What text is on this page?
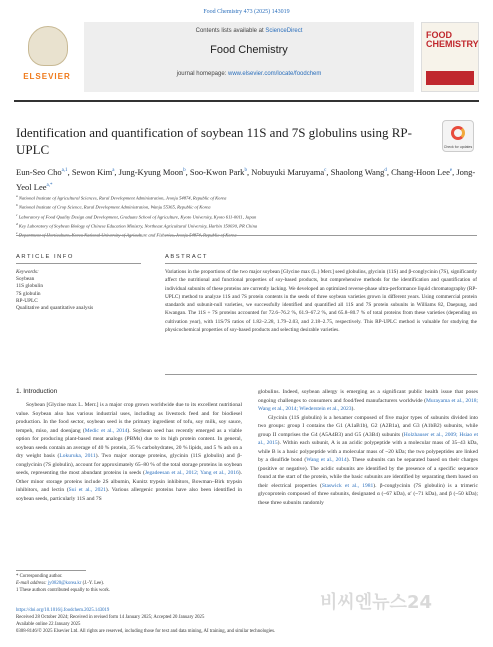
Food Chemistry 473 (2025) 143019
ELSEVIER
Contents lists available at ScienceDirect
Food Chemistry
journal homepage: www.elsevier.com/locate/foodchem
FOOD CHEMISTRY
Identification and quantification of soybean 11S and 7S globulins using RP-UPLC	Check for updates
Eun-Seo Cho$^{a,1}$, Sewon Kim$^a$, Jung-Kyung Moon$^b$, Soo-Kwon Park$^b$, Nobuyuki Maruyama$^c$, Shaolong Wang$^d$, Chang-Hoon Lee$^e$, Jong-Yeol Lee$^{a,*}$
$^a$ National Institute of Agricultural Sciences, Rural Development Administration, Jeonju 54874, Republic of Korea
$^b$ National Institute of Crop Science, Rural Development Administration, Wanju 55365, Republic of Korea
$^c$ Laboratory of Food Quality Design and Development, Graduate School of Agriculture, Kyoto University, Kyoto 611-0011, Japan
$^d$ Key Laboratory of Soybean Biology of Chinese Education Ministry, Northeast Agricultural University, Harbin 150030, PR China
$^e$	and
ARTICLE INFO	ABSTRACT
Keywords:
Soybean
11S globulin
7S globulin
RP-UPLC
Qualitative and quantitative analysis
Variations in the proportions of the two major soybean [Glycine max (L.) Merr.] seed globulins, glycinin (11S) and β-conglycinin (7S), significantly affect the nutritional and functional properties of soy-based products, but comprehensive methods for the identification and quantification of individual subunits of these proteins are currently lacking. We developed an optimized reverse-phase ultra-performance liquid chromatography (RP-UPLC) method to analyze 11S and 7S protein contents in the seeds of three soybean varieties grown in different years. Using commercial protein standards and subunit-null varieties, we successfully identified and quantified all 11S and 7S protein subunits in Williams 82, Daepung, and Kwangan. The 11S + 7S proteins accounted for 72.6–76.2 %, 61.9–67.2 %, and 65.8–80.7 % of total proteins from these varieties (depending on cultivation year), with 11S/7S ratios of 1.82–2.28, 1.79–2.03, and 2.18–2.75, respectively. This RP-UPLC method is valuable for studying the physicochemical properties of soy-based products and selecting desirable varieties.
1. Introduction
Soybean [Glycine max L. Merr.] is a major crop grown worldwide due to its excellent nutritional value. Soybean also has various industrial uses, including as livestock feed and for biodiesel production. In the food sector, soybean seed is the primary ingredient of tofu, soy milk, soy sauce, tempeh, miso, and doenjang (Medic et al., 2014). Soybean seed has recently emerged as a viable option for producing plant-based meat analogs (PBMs) due to its high protein content. In general, soybean seeds contain an average of 40 % protein, 35 % carbohydrates, 20 % lipids, and 5 % ash on a dry weight basis (Lokuruka, 2011). Two major storage proteins, glycinin (11S globulin) and β-conglycinin (7S globulin), account for approximately 65–80 % of the total storage proteins in soybean seeds, representing the most abundant proteins in seeds (Jegadeesan et al., 2012; Yang et al., 2016). Other minor storage proteins include 2S albumin, Kunitz trypsin inhibitors, Bowman–Birk trypsin inhibitors, and lectin (Sui et al., 2021). Various allergenic proteins have also been identified in soybean seeds, particularly 11S and 7S
globulins. Indeed, soybean allergy is emerging as a significant public health issue that poses ongoing challenges to consumers and food/feed manufacturers worldwide (Murayama et al., 2018; Wang et al., 2014; Wiederstein et al., 2023).
Glycinin (11S globulin) is a hexamer composed of five major types of subunits divided into two groups: group I contains the G1 (A1aB1b), G2 (A2B1a), and G3 (A1bB2) subunits, while group II comprises the G4 (A5A4B3) and G5 (A3B4) subunits (Holzhauser et al., 2009; Hsiao et al., 2015). Within each subunit, A is an acidic polypeptide with a molecular mass of 35–43 kDa, while B is a basic polypeptide with a molecular mass of ~20 kDa; the two polypeptides are linked by a disulfide bond (Wang et al., 2014). These subunits can be separated based on their charges (positive or negative). The acidic subunits are identified by the presence of a specific sequence found at the start of the protein, while the basic subunits are identified by separating them based on their electrical properties (Staswick et al., 1981). β-conglycinin (7S globulin) is a trimeric glycoprotein composed of three subunits, designated α (~67 kDa), α′ (~71 kDa), and β (~50 kDa); these three subunits randomly
* Corresponding author.
E-mail address: jy0820@korea.kr (J.-Y. Lee).
1 These authors contributed equally to this work.
https://doi.org/10.1016/j.foodchem.2025.143019
Received 28 October 2024; Received in revised form 14 January 2025; Accepted 20 January 2025
Available online 22 January 2025
0308-8146/© 2025 Elsevier Ltd. All rights are reserved, including those for text and data mining, AI training, and similar technologies.
비씨엔뉴스24
